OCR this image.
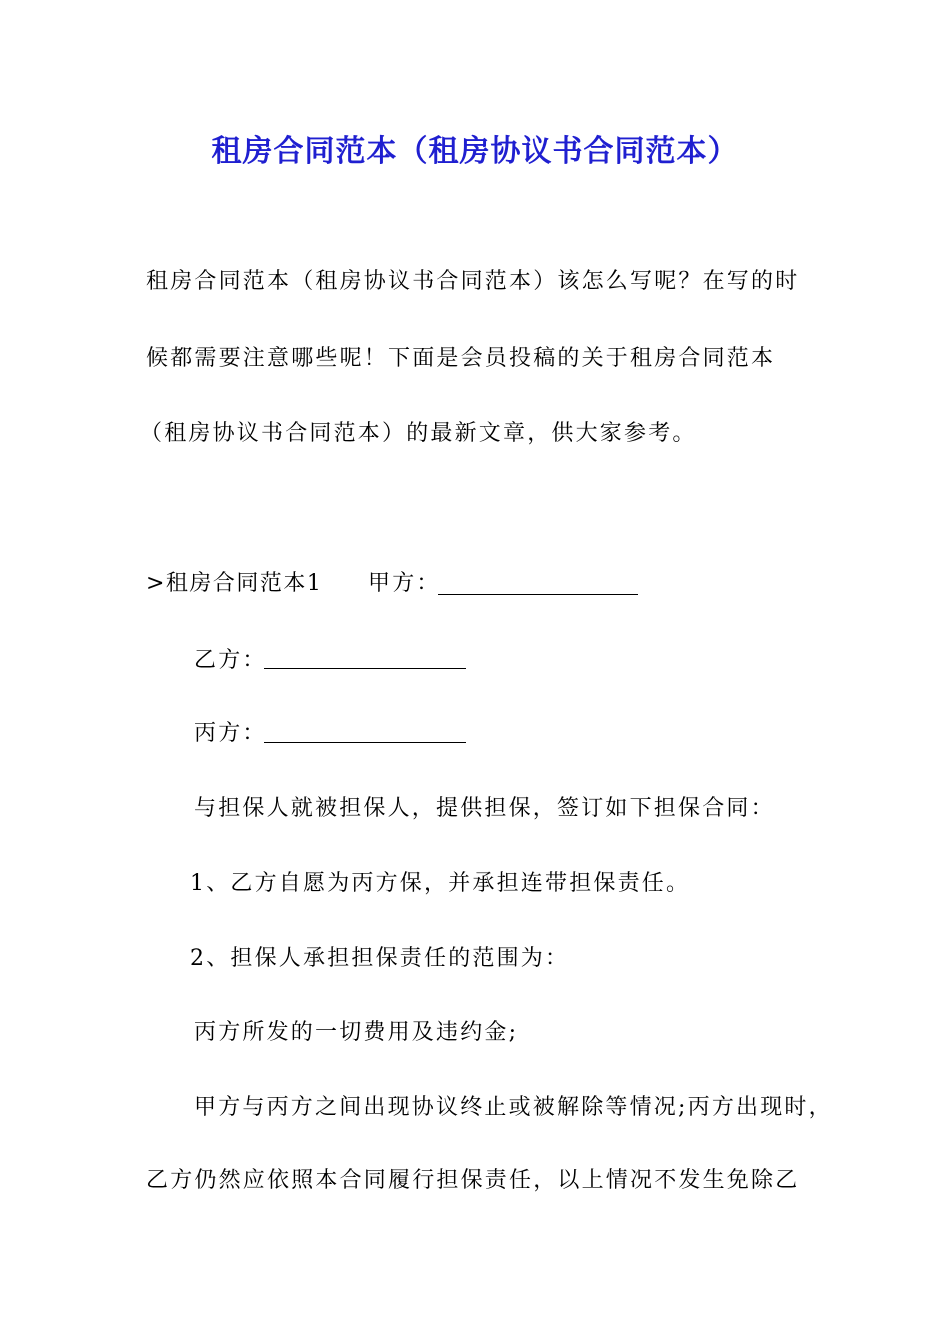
租房合同范本（租房协议书合同范本）
租房合同范本（租房协议书合同范本）该怎么写呢？在写的时
候都需要注意哪些呢！下面是会员投稿的关于租房合同范本
（租房协议书合同范本）的最新文章，供大家参考。
>租房合同范本1 甲方：
乙方：
丙方：
与担保人就被担保人，提供担保，签订如下担保合同：
1、乙方自愿为丙方保，并承担连带担保责任。
2、担保人承担担保责任的范围为：
丙方所发的一切费用及违约金;
甲方与丙方之间出现协议终止或被解除等情况;丙方出现时，
乙方仍然应依照本合同履行担保责任，以上情况不发生免除乙
